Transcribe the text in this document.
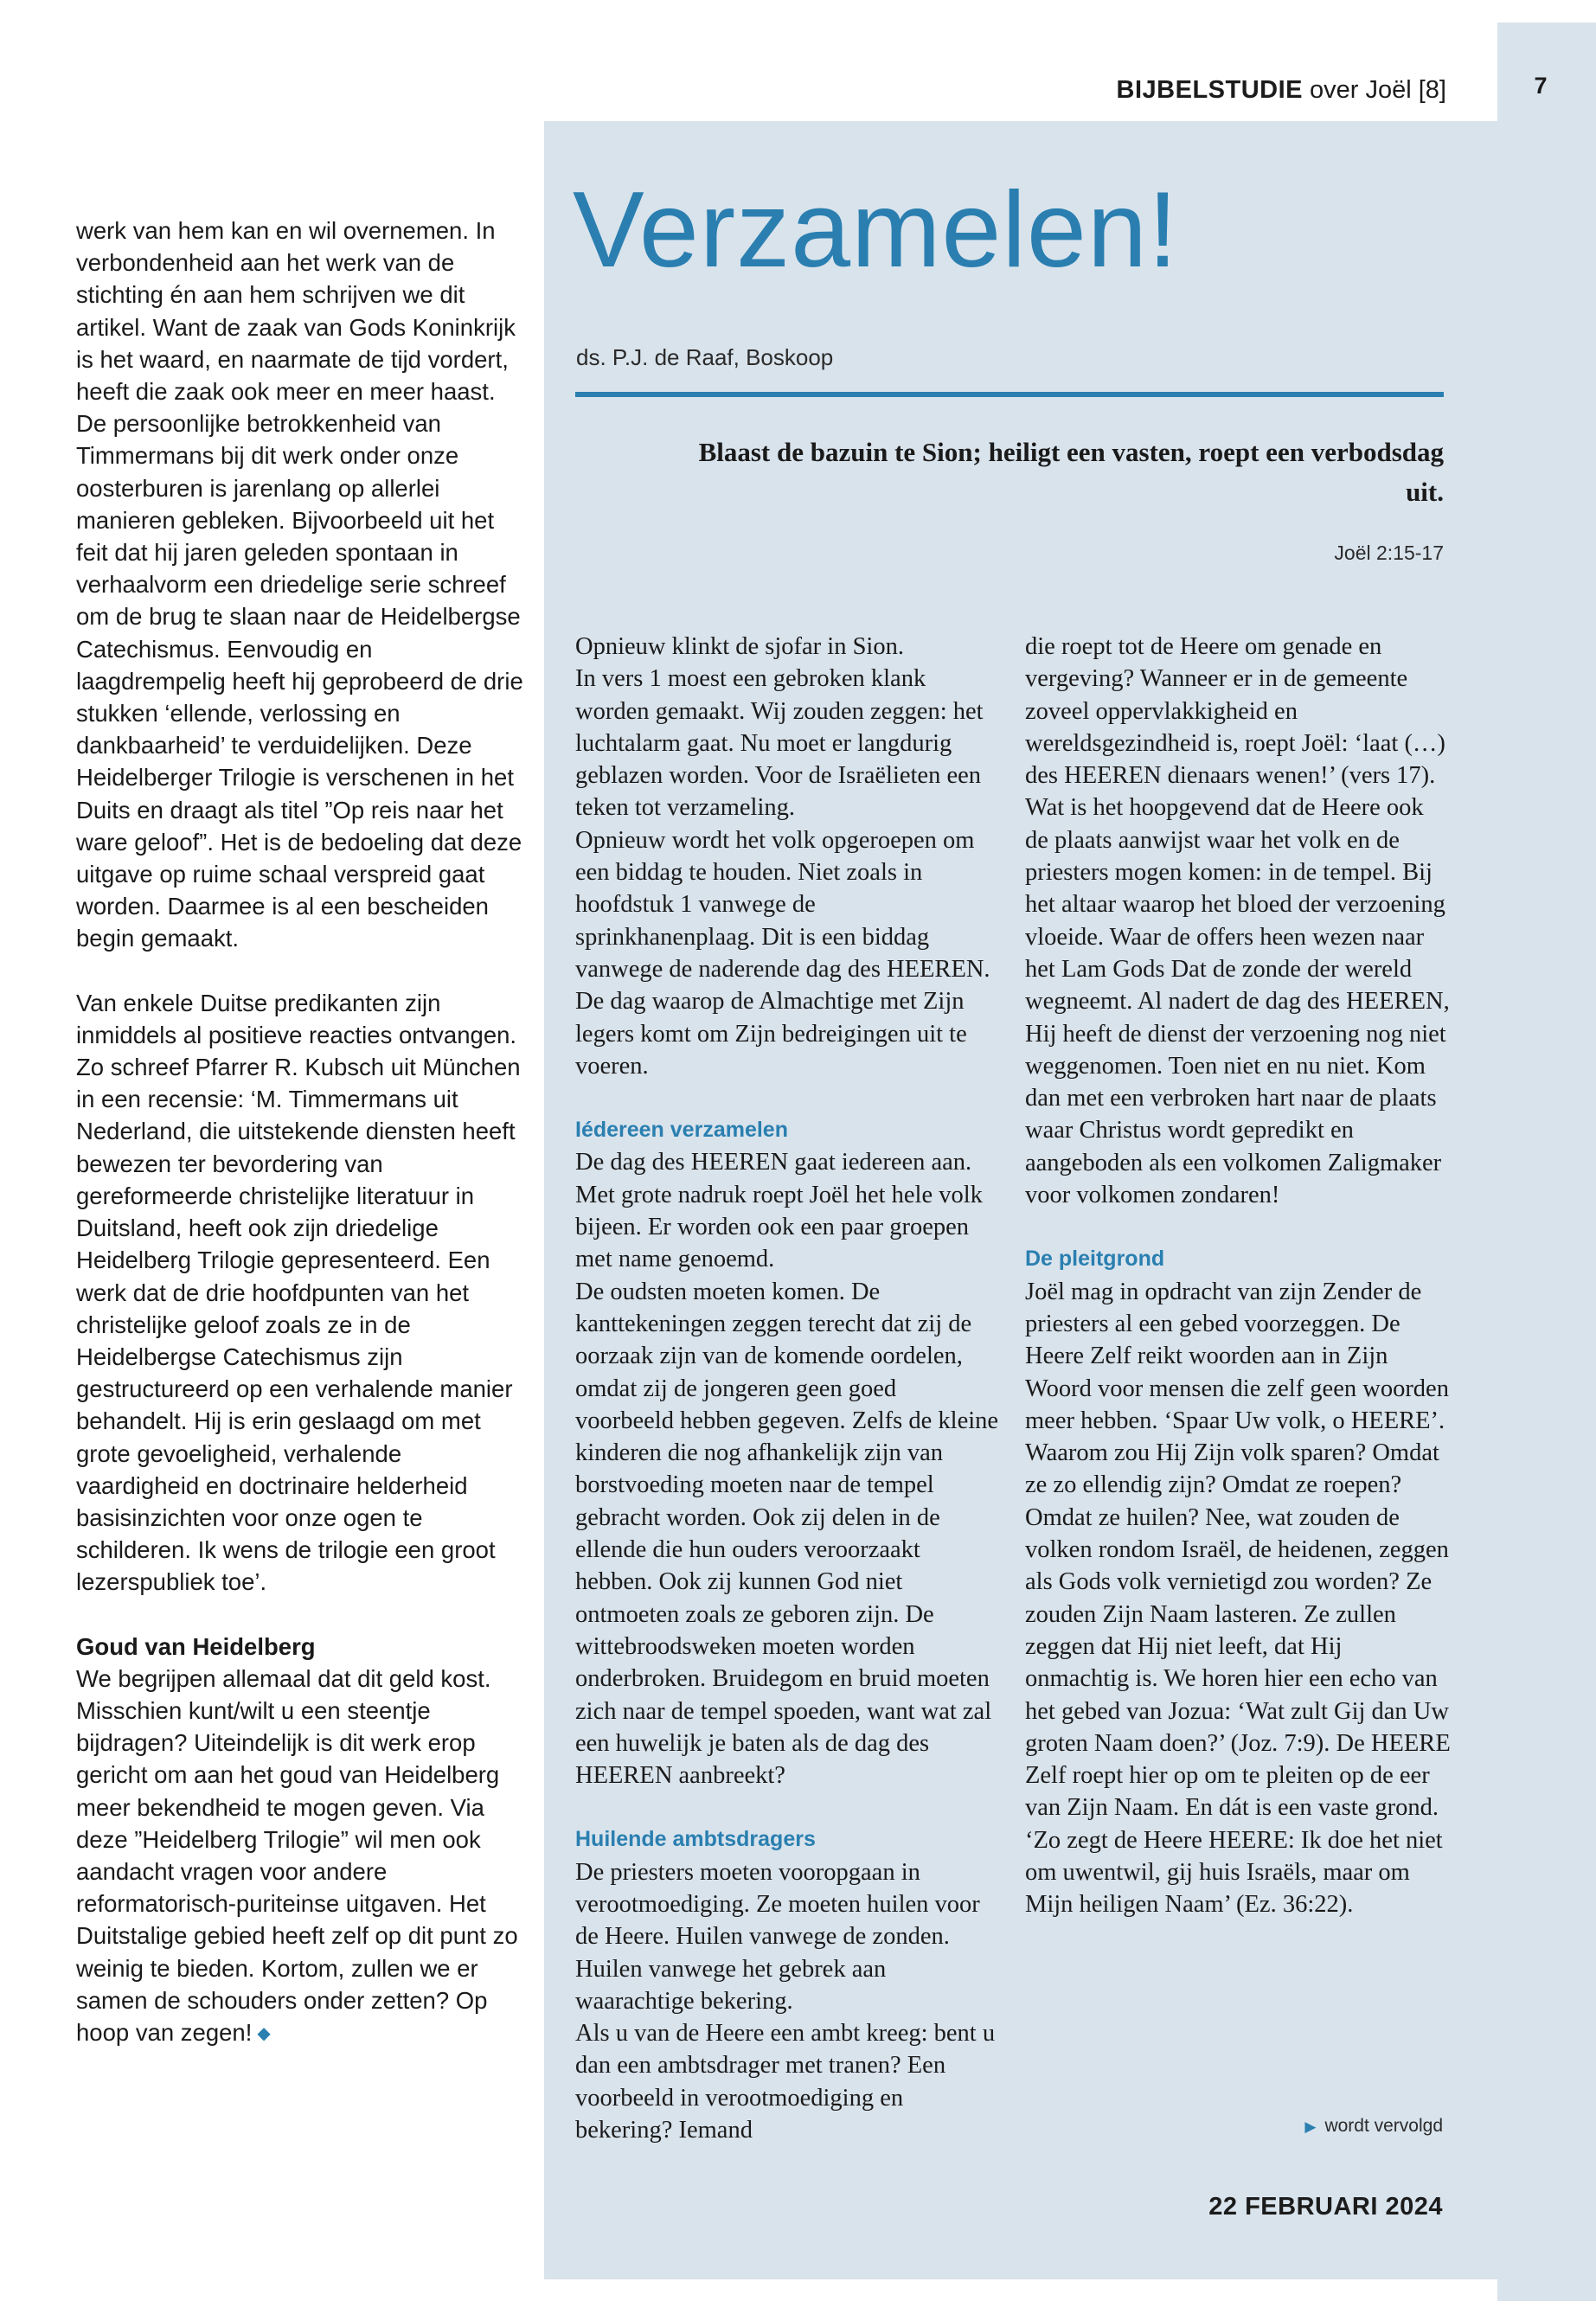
7
BIJBELSTUDIE over Joël [8]

werk van hem kan en wil overnemen. In verbondenheid aan het werk van de stichting én aan hem schrijven we dit artikel. Want de zaak van Gods Koninkrijk is het waard, en naarmate de tijd vordert, heeft die zaak ook meer en meer haast.

De persoonlijke betrokkenheid van Timmermans bij dit werk onder onze oosterburen is jarenlang op allerlei manieren gebleken. Bijvoorbeeld uit het feit dat hij jaren geleden spontaan in verhaalvorm een driedelige serie schreef om de brug te slaan naar de Heidelbergse Catechismus. Eenvoudig en laagdrempelig heeft hij geprobeerd de drie stukken ‘ellende, verlossing en dankbaarheid’ te verduidelijken. Deze Heidelberger Trilogie is verschenen in het Duits en draagt als titel ”Op reis naar het ware geloof”. Het is de bedoeling dat deze uitgave op ruime schaal verspreid gaat worden. Daarmee is al een bescheiden begin gemaakt.

Van enkele Duitse predikanten zijn inmiddels al positieve reacties ontvangen. Zo schreef Pfarrer R. Kubsch uit München in een recensie: ‘M. Timmermans uit Nederland, die uitstekende diensten heeft bewezen ter bevordering van gereformeerde christelijke literatuur in Duitsland, heeft ook zijn driedelige Heidelberg Trilogie gepresenteerd. Een werk dat de drie hoofdpunten van het christelijke geloof zoals ze in de Heidelbergse Catechismus zijn gestructureerd op een verhalende manier behandelt. Hij is erin geslaagd om met grote gevoeligheid, verhalende vaardigheid en doctrinaire helderheid basisinzichten voor onze ogen te schilderen. Ik wens de trilogie een groot lezerspubliek toe’.

Goud van Heidelberg

We begrijpen allemaal dat dit geld kost. Misschien kunt/wilt u een steentje bijdragen? Uiteindelijk is dit werk erop gericht om aan het goud van Heidelberg meer bekendheid te mogen geven. Via deze ”Heidelberg Trilogie” wil men ook aandacht vragen voor andere reformatorisch-puriteinse uitgaven. Het Duitstalige gebied heeft zelf op dit punt zo weinig te bieden. Kortom, zullen we er samen de schouders onder zetten? Op hoop van zegen! ◆

Verzamelen!
ds. P.J. de Raaf, Boskoop
Blaast de bazuin te Sion; heiligt een vasten, roept een verbodsdag uit.
Joël 2:15-17

Opnieuw klinkt de sjofar in Sion.

In vers 1 moest een gebroken klank worden gemaakt. Wij zouden zeggen: het luchtalarm gaat. Nu moet er langdurig geblazen worden. Voor de Israëlieten een teken tot verzameling.

Opnieuw wordt het volk opgeroepen om een biddag te houden. Niet zoals in hoofdstuk 1 vanwege de sprinkhanenplaag. Dit is een biddag vanwege de naderende dag des HEEREN.

De dag waarop de Almachtige met Zijn legers komt om Zijn bedreigingen uit te voeren.

Iédereen verzamelen

De dag des HEEREN gaat iedereen aan. Met grote nadruk roept Joël het hele volk bijeen. Er worden ook een paar groepen met name genoemd.

De oudsten moeten komen. De kanttekeningen zeggen terecht dat zij de oorzaak zijn van de komende oordelen, omdat zij de jongeren geen goed voorbeeld hebben gegeven. Zelfs de kleine kinderen die nog afhankelijk zijn van borstvoeding moeten naar de tempel gebracht worden. Ook zij delen in de ellende die hun ouders veroorzaakt hebben. Ook zij kunnen God niet ontmoeten zoals ze geboren zijn. De wittebroodsweken moeten worden onderbroken. Bruidegom en bruid moeten zich naar de tempel spoeden, want wat zal een huwelijk je baten als de dag des HEEREN aanbreekt?

Huilende ambtsdragers

De priesters moeten vooropgaan in verootmoediging. Ze moeten huilen voor de Heere. Huilen vanwege de zonden. Huilen vanwege het gebrek aan waarachtige bekering.

Als u van de Heere een ambt kreeg: bent u dan een ambtsdrager met tranen? Een voorbeeld in verootmoediging en bekering? Iemand

die roept tot de Heere om genade en vergeving? Wanneer er in de gemeente zoveel oppervlakkigheid en wereldsgezindheid is, roept Joël: ‘laat (…) des HEEREN dienaars wenen!’ (vers 17).

Wat is het hoopgevend dat de Heere ook de plaats aanwijst waar het volk en de priesters mogen komen: in de tempel. Bij het altaar waarop het bloed der verzoening vloeide. Waar de offers heen wezen naar het Lam Gods Dat de zonde der wereld wegneemt. Al nadert de dag des HEEREN, Hij heeft de dienst der verzoening nog niet weggenomen. Toen niet en nu niet. Kom dan met een verbroken hart naar de plaats waar Christus wordt gepredikt en aangeboden als een volkomen Zaligmaker voor volkomen zondaren!

De pleitgrond

Joël mag in opdracht van zijn Zender de priesters al een gebed voorzeggen. De Heere Zelf reikt woorden aan in Zijn Woord voor mensen die zelf geen woorden meer hebben. ‘Spaar Uw volk, o HEERE’. Waarom zou Hij Zijn volk sparen? Omdat ze zo ellendig zijn? Omdat ze roepen? Omdat ze huilen? Nee, wat zouden de volken rondom Israël, de heidenen, zeggen als Gods volk vernietigd zou worden? Ze zouden Zijn Naam lasteren. Ze zullen zeggen dat Hij niet leeft, dat Hij onmachtig is. We horen hier een echo van het gebed van Jozua: ‘Wat zult Gij dan Uw groten Naam doen?’ (Joz. 7:9). De HEERE Zelf roept hier op om te pleiten op de eer van Zijn Naam. En dát is een vaste grond. ‘Zo zegt de Heere HEERE: Ik doe het niet om uwentwil, gij huis Israëls, maar om Mijn heiligen Naam’ (Ez. 36:22).

▶ wordt vervolgd
22 FEBRUARI 2024
